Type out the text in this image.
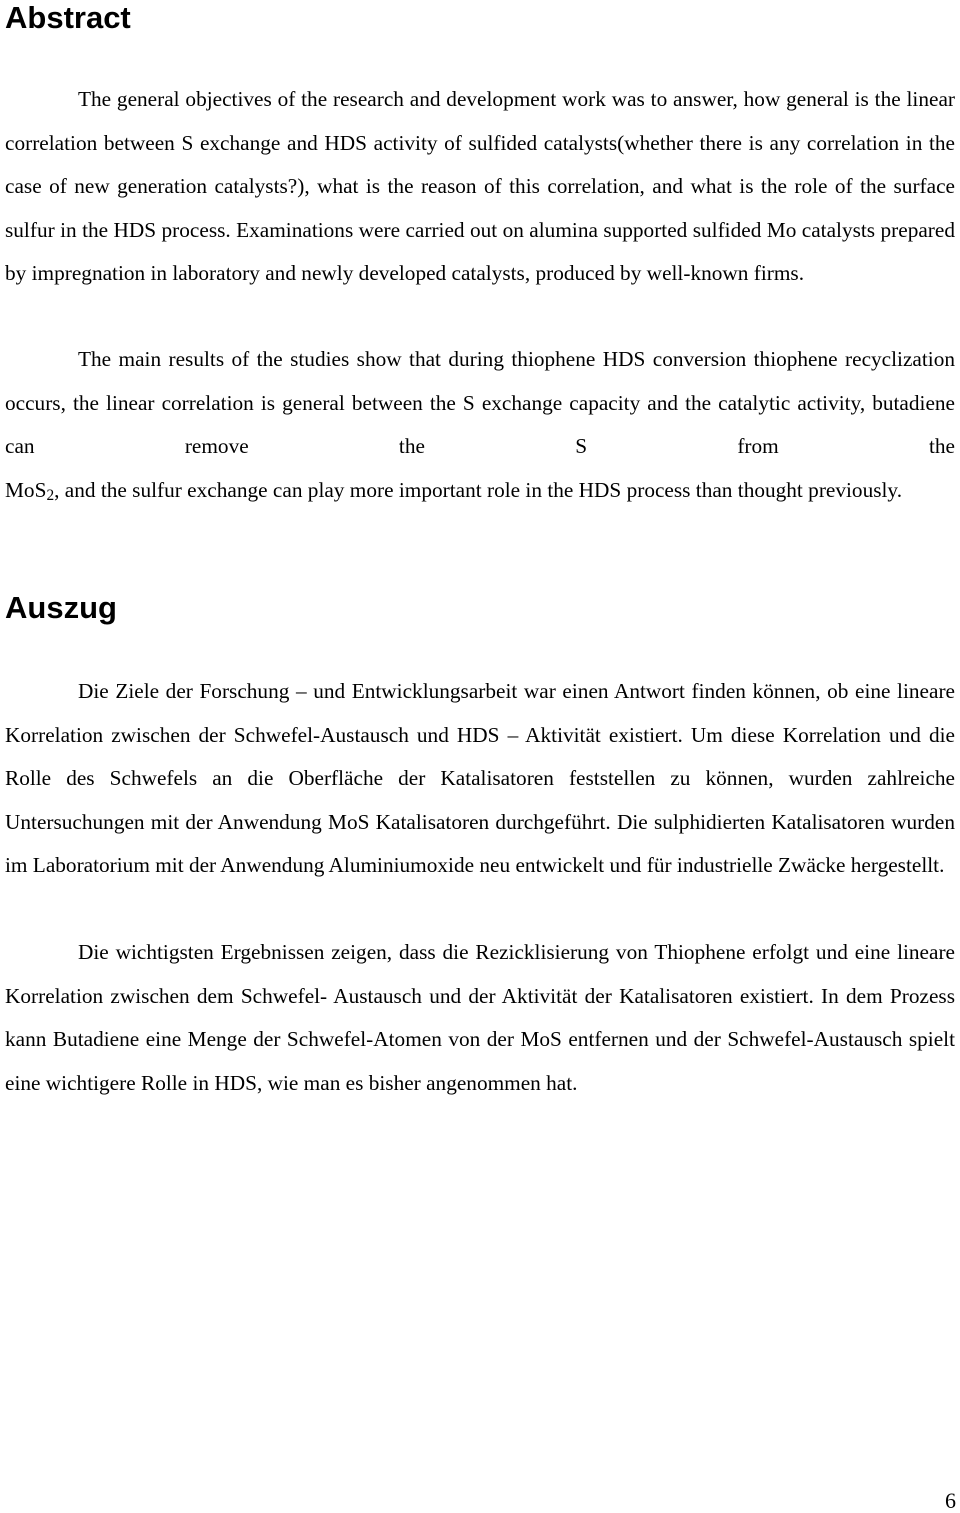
Abstract

The general objectives of the research and development work was to answer, how general is the linear correlation between S exchange and HDS activity of sulfided catalysts(whether there is any correlation in the case of new generation catalysts?), what is the reason of this correlation, and what is the role of the surface sulfur in the HDS process. Examinations were carried out on alumina supported sulfided Mo catalysts prepared by impregnation in laboratory and newly developed catalysts, produced by well-known firms.

The main results of the studies show that during thiophene HDS conversion thiophene recyclization occurs, the linear correlation is general between the S exchange capacity and the catalytic activity, butadiene can remove the S from the MoS$_2$, and the sulfur exchange can play more important role in the HDS process than thought previously.

Auszug

Die Ziele der Forschung – und Entwicklungsarbeit war einen Antwort finden können, ob eine lineare Korrelation zwischen der Schwefel-Austausch und HDS – Aktivität existiert. Um diese Korrelation und die Rolle des Schwefels an die Oberfläche der Katalisatoren feststellen zu können, wurden zahlreiche Untersuchungen mit der Anwendung MoS Katalisatoren durchgeführt. Die sulphidierten Katalisatoren wurden im Laboratorium mit der Anwendung Aluminiumoxide neu entwickelt und für industrielle Zwäcke hergestellt.

Die wichtigsten Ergebnissen zeigen, dass die Rezicklisierung von Thiophene erfolgt und eine lineare Korrelation zwischen dem Schwefel- Austausch und der Aktivität der Katalisatoren existiert. In dem Prozess kann Butadiene eine Menge der Schwefel-Atomen von der MoS entfernen und der Schwefel-Austausch spielt eine wichtigere Rolle in HDS, wie man es bisher angenommen hat.

6
